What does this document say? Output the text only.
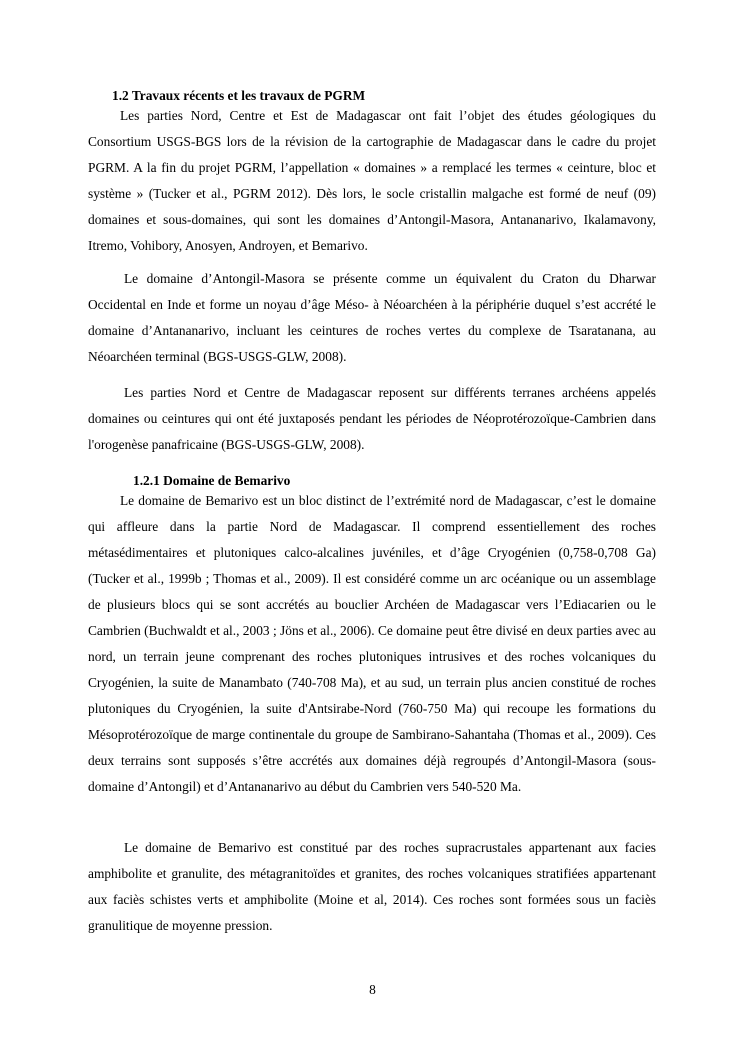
1.2 Travaux récents et les travaux de PGRM

Les parties Nord, Centre et Est de Madagascar ont fait l’objet des études géologiques du Consortium USGS-BGS lors de la révision de la cartographie de Madagascar dans le cadre du projet PGRM. A la fin du projet PGRM, l’appellation « domaines » a remplacé les termes « ceinture, bloc et système » (Tucker et al., PGRM 2012). Dès lors, le socle cristallin malgache est formé de neuf (09) domaines et sous-domaines, qui sont les domaines d’Antongil-Masora, Antananarivo, Ikalamavony, Itremo, Vohibory, Anosyen, Androyen, et Bemarivo.

Le domaine d’Antongil-Masora se présente comme un équivalent du Craton du Dharwar Occidental en Inde et forme un noyau d’âge Méso- à Néoarchéen à la périphérie duquel s’est accrété le domaine d’Antananarivo, incluant les ceintures de roches vertes du complexe de Tsaratanana, au Néoarchéen terminal (BGS-USGS-GLW, 2008).

Les parties Nord et Centre de Madagascar reposent sur différents terranes archéens appelés domaines ou ceintures qui ont été juxtaposés pendant les périodes de Néoprotérozoïque-Cambrien dans l'orogenèse panafricaine (BGS-USGS-GLW, 2008).

1.2.1 Domaine de Bemarivo

Le domaine de Bemarivo est un bloc distinct de l’extrémité nord de Madagascar, c’est le domaine qui affleure dans la partie Nord de Madagascar. Il comprend essentiellement des roches métasédimentaires et plutoniques calco-alcalines juvéniles, et d’âge Cryogénien (0,758-0,708 Ga) (Tucker et al., 1999b ; Thomas et al., 2009). Il est considéré comme un arc océanique ou un assemblage de plusieurs blocs qui se sont accrétés au bouclier Archéen de Madagascar vers l’Ediacarien ou le Cambrien (Buchwaldt et al., 2003 ; Jöns et al., 2006). Ce domaine peut être divisé en deux parties avec au nord, un terrain jeune comprenant des roches plutoniques intrusives et des roches volcaniques du Cryogénien, la suite de Manambato (740-708 Ma), et au sud, un terrain plus ancien constitué de roches plutoniques du Cryogénien, la suite d'Antsirabe-Nord (760-750 Ma) qui recoupe les formations du Mésoprotérozoïque de marge continentale du groupe de Sambirano-Sahantaha (Thomas et al., 2009). Ces deux terrains sont supposés s’être accrétés aux domaines déjà regroupés d’Antongil-Masora (sous-domaine d’Antongil) et d’Antananarivo au début du Cambrien vers 540-520 Ma.

Le domaine de Bemarivo est constitué par des roches supracrustales appartenant aux facies amphibolite et granulite, des métagranitoïdes et granites, des roches volcaniques stratifiées appartenant aux faciès schistes verts et amphibolite (Moine et al, 2014). Ces roches sont formées sous un faciès granulitique de moyenne pression.

8
